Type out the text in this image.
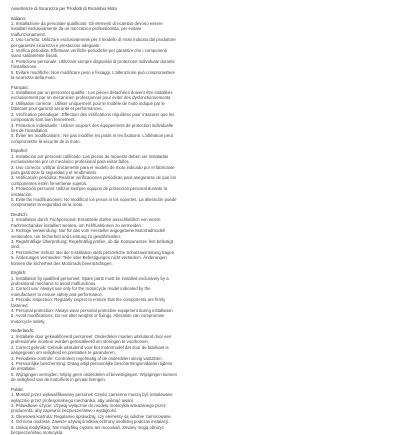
Avvertenze di Sicurezza per Prodotti di Ricambio Moto

Italiano:

1. Installazione da personale qualificato: Gli elementi di ricambio devono essere

installati esclusivamente da un meccanico professionista, per evitare

malfunzionamenti.

2. Uso corretto: Utilizzare esclusivamente per il modello di moto indicato dal produttore

per garantire sicurezza e prestazioni adeguate.

3. Verifica periodica: Effettuare verifiche periodiche per garantire che i componenti

siano saldamente fissati.

4. Protezione personale: Utilizzare sempre dispositivi di protezione individuale durante

l'installazione.

5. Evitare modifiche: Non modificare peso e fissaggi. L'alterazione può compromettere

la sicurezza della moto.

Français:

1. Installation par un personnel qualifié : Les pièces détachées doivent être installées

exclusivement par un mécanicien professionnel pour éviter des dysfonctionnements.

2. Utilisation correcte : Utiliser uniquement pour le modèle de moto indiqué par le

fabricant pour garantir sécurité et performances.

3. Vérification périodique : Effectuer des vérifications régulières pour s'assurer que les

composants sont bien fermement.

4. Protection individuelle : Utiliser toujours des équipements de protection individuelle

lors de l'installation.

5. Éviter les modifications : Ne pas modifier les poids et les fixations. L'altération peut

compromettre la sécurité de la moto.

Español:

1. Instalación por personal calificado: Las piezas de repuesto deben ser instaladas

exclusivamente por un mecánico profesional para evitar fallos.

2. Uso correcto: Utilizar únicamente para el modelo de moto indicado por el fabricante

para garantizar la seguridad y el rendimiento.

3. Verificación periódica: Realizar verificaciones periódicas para asegurarse de que los

componentes estén firmemente sujetos.

4. Protección personal: Utilizar siempre equipos de protección personal durante la

instalación.

5. Evite las modificaciones: No modificar los pesos ni los soportes. La alteración puede

comprometer la seguridad de la moto.

Deutsch:

1. Installation durch Fachpersonal: Ersatzteile dürfen ausschließlich von einem

Fachmechaniker installiert werden, um Fehlfunktionen zu vermeiden.

2. Richtige Verwendung: Nur für das vom Hersteller angegebene Motorradmodell

verwenden, um Sicherheit und Leistung zu gewährleisten.

3. Regelmäßige Überprüfung: Regelmäßig prüfen, ob die Komponenten fest befestigt

sind.

4. Persönlicher Schutz: Bei der Installation stets persönliche Schutzausrüstung tragen.

5. Änderungen vermeiden: Teile oder Befestigungen nicht verändern. Änderungen

können die Sicherheit des Motorrads beeinträchtigen.

English:

1. Installation by qualified personnel: Spare parts must be installed exclusively by a

professional mechanic to avoid malfunctions.

2. Correct use: Always use only for the motorcycle model indicated by the

manufacturer to ensure safety and performance.

3. Periodic inspection: Regularly inspect to ensure that the components are firmly

fastened.

4. Personal protection: Always wear personal protective equipment during installation.

5. Avoid modifications: Do not alter weights or fixings. Alteration can compromise

motorcycle safety.

Nederlands:

1. Installatie door gekwalificeerd personeel: Onderdelen moeten uitsluitend door een

professionele monteur worden geïnstalleerd om storingen te voorkomen.

2. Correct gebruik: Gebruik uitsluitend voor het motormodel dat door de fabrikant is

aangegeven om veiligheid en prestaties te garanderen.

3. Periodieke controle: Controleer regelmatig of de onderdelen stevig vastzitten.

4. Persoonlijke bescherming: Draag altijd persoonlijke beschermingsmiddelen tijdens

de installatie.

5. Wijzigingen vermijden: Wijzig geen onderdelen of bevestigingen. Wijzigingen kunnen

de veiligheid van de motorfiets in gevaar brengen.

Polski:

1. Montaż przez wykwalifikowany personel: Części zamienne muszą być instalowane

wyłącznie przez profesjonalnego mechanika, aby uniknąć awarii.

2. Prawidłowe użycie: Używaj wyłącznie do modelu motocykla wskazanego przez

producenta, aby zapewnić bezpieczeństwo i wydajność.

3. Okresowa kontrola: Regularnie sprawdzaj, czy elementy są solidnie zamocowane.

4. Ochrona osobista: Zawsze używaj środków ochrony osobistej podczas instalacji.

5. Unikaj modyfikacji: Nie modyfikuj ciężaru ani mocowań. Zmiany mogą obniżyć

bezpieczeństwo motocykla.
